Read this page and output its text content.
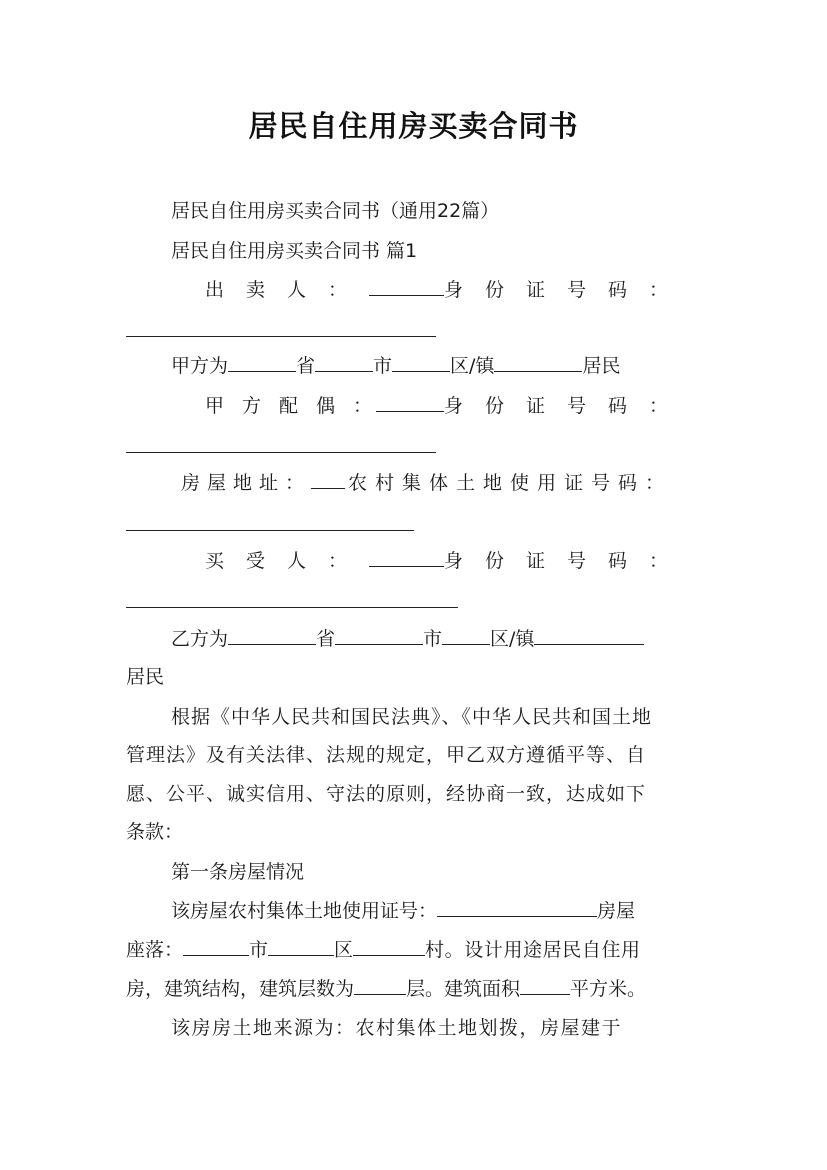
居民自住用房买卖合同书
居民自住用房买卖合同书（通用22篇）
居民自住用房买卖合同书 篇1
出卖人：	身份证号码：
甲方为	省	市	区/镇	居民
甲方配偶：	身份证号码：
房屋地址： 农村集体土地使用证号码：
买受人：	身份证号码：
乙方为	省	市	区/镇
居民
根据《中华人民共和国民法典》、《中华人民共和国土地
管理法》及有关法律、法规的规定，甲乙双方遵循平等、自
愿、公平、诚实信用、守法的原则，经协商一致，达成如下
条款：
第一条房屋情况
该房屋农村集体土地使用证号：	房屋
座落：	市	区	村。设计用途居民自住用
房，建筑结构，建筑层数为	层。建筑面积	平方米。
该房房土地来源为：农村集体土地划拨，房屋建于
